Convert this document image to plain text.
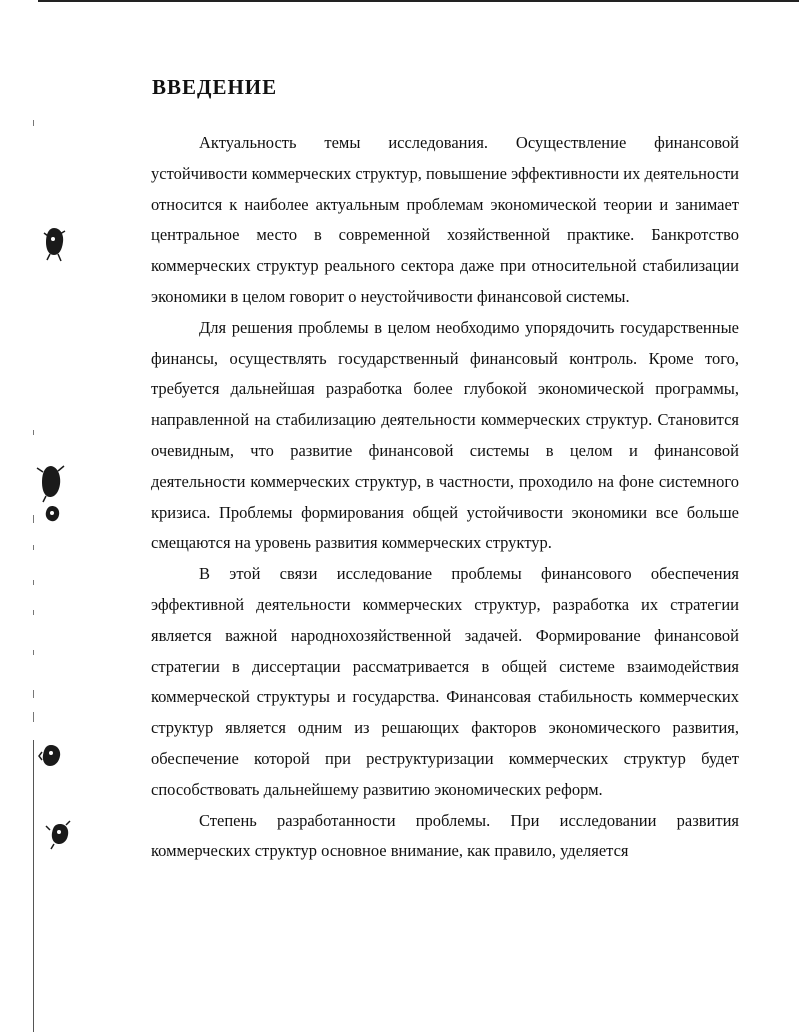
ВВЕДЕНИЕ

Актуальность темы исследования. Осуществление финансовой устойчивости коммерческих структур, повышение эффективности их деятельности относится к наиболее актуальным проблемам экономической теории и занимает центральное место в современной хозяйственной практике. Банкротство коммерческих структур реального сектора даже при относительной стабилизации экономики в целом говорит о неустойчивости финансовой системы.

Для решения проблемы в целом необходимо упорядочить государственные финансы, осуществлять государственный финансовый контроль. Кроме того, требуется дальнейшая разработка более глубокой экономической программы, направленной на стабилизацию деятельности коммерческих структур. Становится очевидным, что развитие финансовой системы в целом и финансовой деятельности коммерческих структур, в частности, проходило на фоне системного кризиса. Проблемы формирования общей устойчивости экономики все больше смещаются на уровень развития коммерческих структур.

В этой связи исследование проблемы финансового обеспечения эффективной деятельности коммерческих структур, разработка их стратегии является важной народнохозяйственной задачей. Формирование финансовой стратегии в диссертации рассматривается в общей системе взаимодействия коммерческой структуры и государства. Финансовая стабильность коммерческих структур является одним из решающих факторов экономического развития, обеспечение которой при реструктуризации коммерческих структур будет способствовать дальнейшему развитию экономических реформ.

Степень разработанности проблемы. При исследовании развития коммерческих структур основное внимание, как правило, уделяется
